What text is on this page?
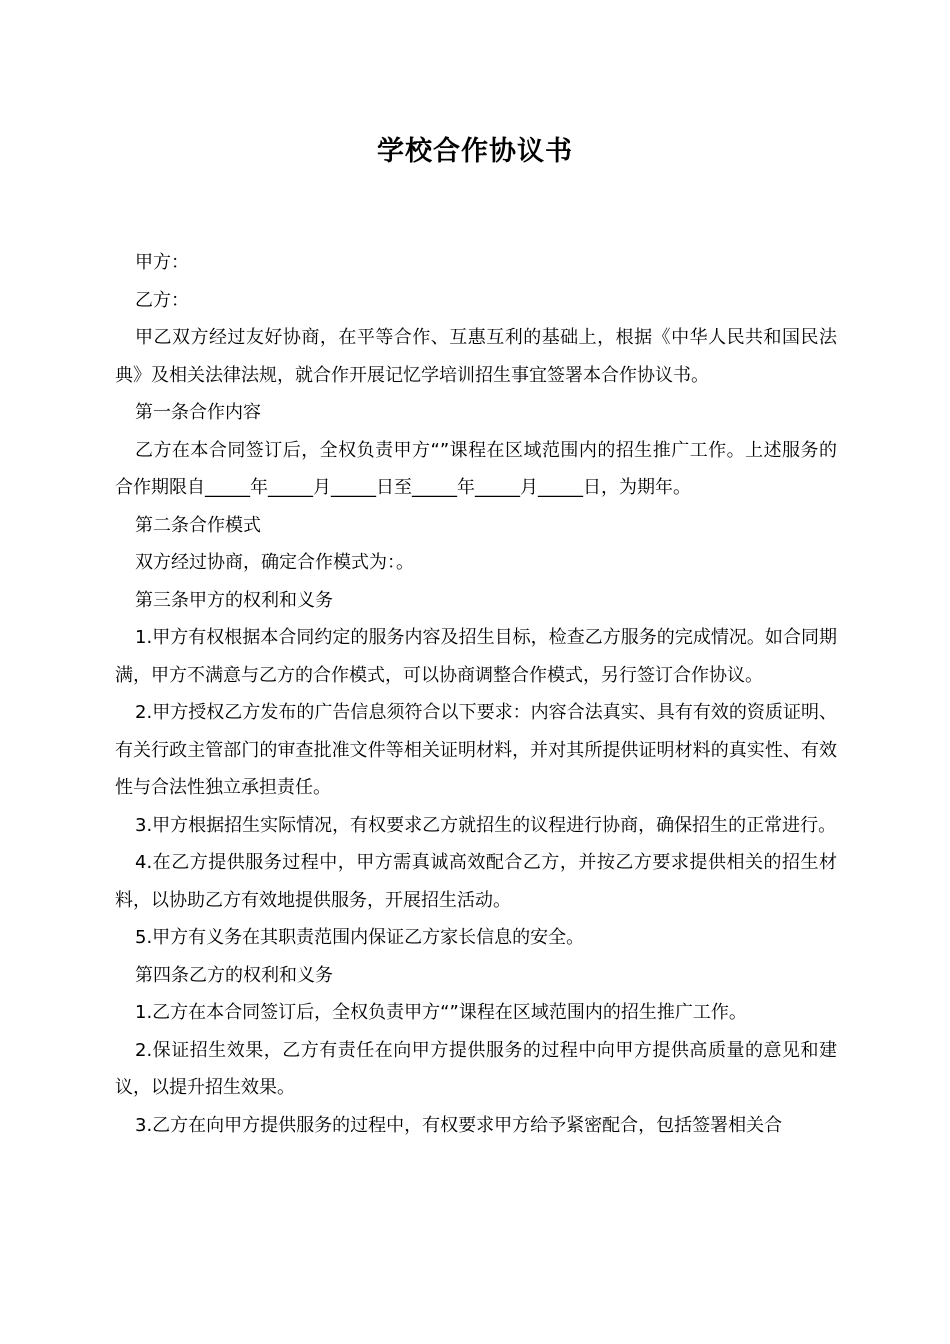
学校合作协议书

甲方：

乙方：

甲乙双方经过友好协商，在平等合作、互惠互利的基础上，根据《中华人民共和国民法典》及相关法律法规，就合作开展记忆学培训招生事宜签署本合作协议书。

第一条合作内容

乙方在本合同签订后，全权负责甲方“”课程在区域范围内的招生推广工作。上述服务的合作期限自_____年_____月_____日至_____年_____月_____日，为期年。

第二条合作模式

双方经过协商，确定合作模式为：。

第三条甲方的权利和义务

1.甲方有权根据本合同约定的服务内容及招生目标，检查乙方服务的完成情况。如合同期满，甲方不满意与乙方的合作模式，可以协商调整合作模式，另行签订合作协议。

2.甲方授权乙方发布的广告信息须符合以下要求：内容合法真实、具有有效的资质证明、有关行政主管部门的审查批准文件等相关证明材料，并对其所提供证明材料的真实性、有效性与合法性独立承担责任。

3.甲方根据招生实际情况，有权要求乙方就招生的议程进行协商，确保招生的正常进行。

4.在乙方提供服务过程中，甲方需真诚高效配合乙方，并按乙方要求提供相关的招生材料，以协助乙方有效地提供服务，开展招生活动。

5.甲方有义务在其职责范围内保证乙方家长信息的安全。

第四条乙方的权利和义务

1.乙方在本合同签订后，全权负责甲方“”课程在区域范围内的招生推广工作。

2.保证招生效果，乙方有责任在向甲方提供服务的过程中向甲方提供高质量的意见和建议，以提升招生效果。

3.乙方在向甲方提供服务的过程中，有权要求甲方给予紧密配合，包括签署相关合
